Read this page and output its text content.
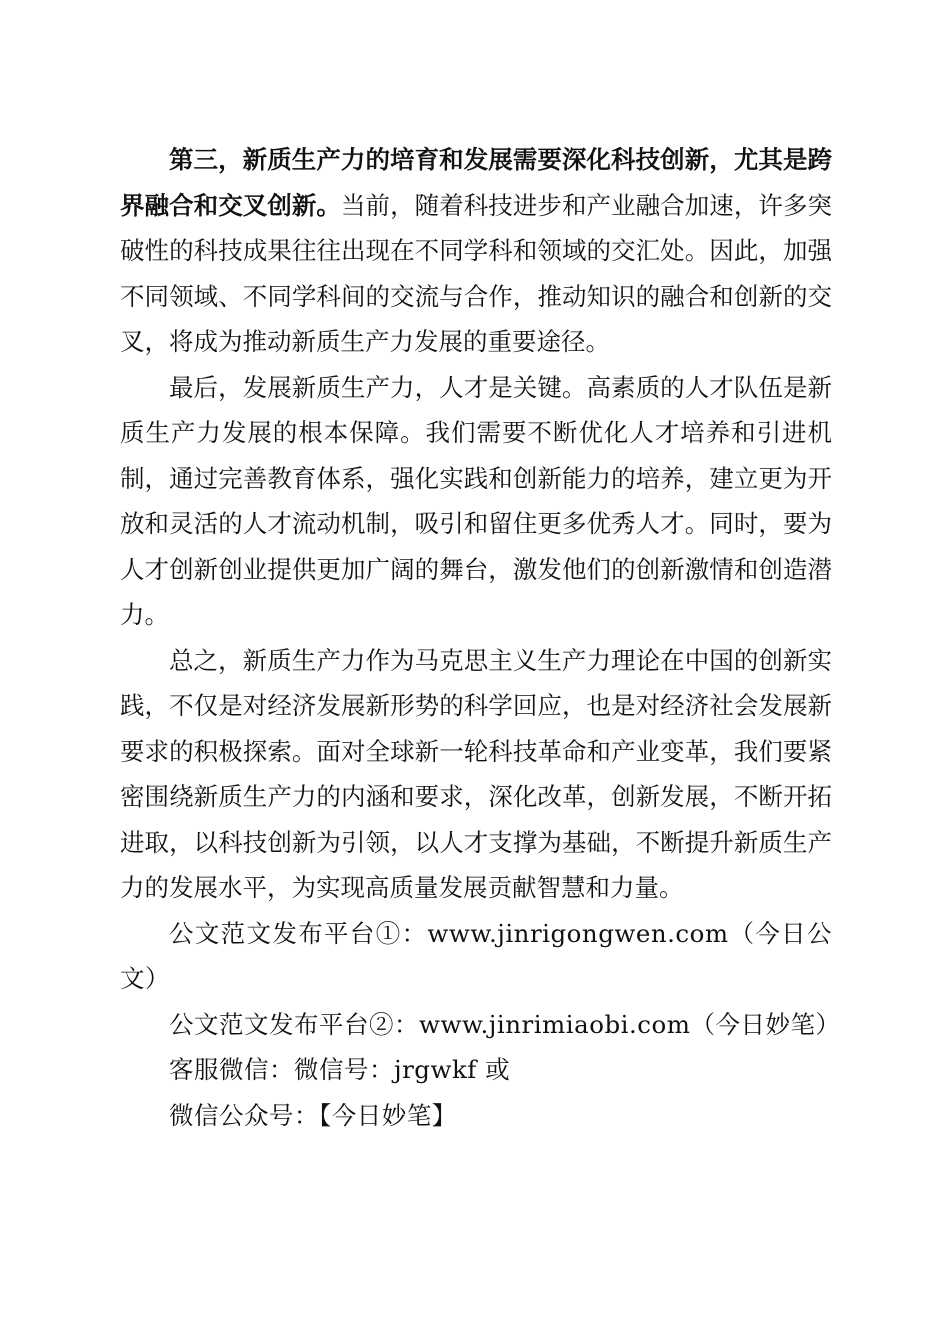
第三，新质生产力的培育和发展需要深化科技创新，尤其是跨界融合和交叉创新。当前，随着科技进步和产业融合加速，许多突破性的科技成果往往出现在不同学科和领域的交汇处。因此，加强不同领域、不同学科间的交流与合作，推动知识的融合和创新的交叉，将成为推动新质生产力发展的重要途径。

最后，发展新质生产力，人才是关键。高素质的人才队伍是新质生产力发展的根本保障。我们需要不断优化人才培养和引进机制，通过完善教育体系，强化实践和创新能力的培养，建立更为开放和灵活的人才流动机制，吸引和留住更多优秀人才。同时，要为人才创新创业提供更加广阔的舞台，激发他们的创新激情和创造潜力。

总之，新质生产力作为马克思主义生产力理论在中国的创新实践，不仅是对经济发展新形势的科学回应，也是对经济社会发展新要求的积极探索。面对全球新一轮科技革命和产业变革，我们要紧密围绕新质生产力的内涵和要求，深化改革，创新发展，不断开拓进取，以科技创新为引领，以人才支撑为基础，不断提升新质生产力的发展水平，为实现高质量发展贡献智慧和力量。

公文范文发布平台①：www.jinrigongwen.com（今日公文）

公文范文发布平台②：www.jinrimiaobi.com（今日妙笔）

客服微信：微信号：jrgwkf 或

微信公众号：【今日妙笔】
